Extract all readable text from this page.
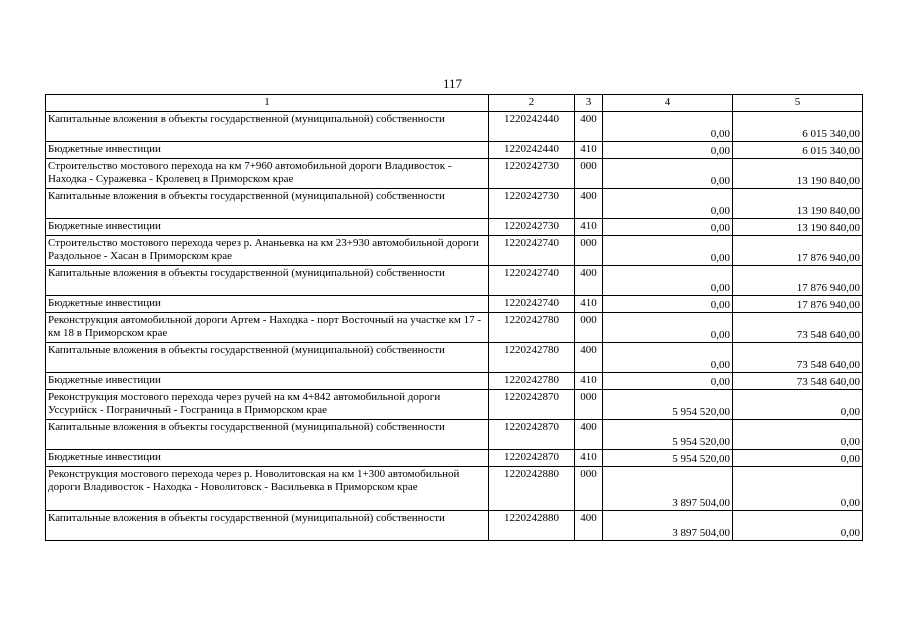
117
1	2	3	4	5
Капитальные вложения в объекты государственной (муниципальной) собственности	1220242440	400	0,00	6 015 340,00
Бюджетные инвестиции	1220242440	410	0,00	6 015 340,00
Строительство мостового перехода на км 7+960 автомобильной дороги Владивосток - Находка - Суражевка - Кролевец в Приморском крае	1220242730	000	0,00	13 190 840,00
Капитальные вложения в объекты государственной (муниципальной) собственности	1220242730	400	0,00	13 190 840,00
Бюджетные инвестиции	1220242730	410	0,00	13 190 840,00
Строительство мостового перехода через р. Ананьевка на км 23+930 автомобильной дороги Раздольное - Хасан в Приморском крае	1220242740	000	0,00	17 876 940,00
Капитальные вложения в объекты государственной (муниципальной) собственности	1220242740	400	0,00	17 876 940,00
Бюджетные инвестиции	1220242740	410	0,00	17 876 940,00
Реконструкция автомобильной дороги Артем - Находка - порт Восточный на участке км 17 - км 18 в Приморском крае	1220242780	000	0,00	73 548 640,00
Капитальные вложения в объекты государственной (муниципальной) собственности	1220242780	400	0,00	73 548 640,00
Бюджетные инвестиции	1220242780	410	0,00	73 548 640,00
Реконструкция мостового перехода через ручей на км 4+842 автомобильной дороги Уссурийск - Пограничный - Госграница в Приморском крае	1220242870	000	5 954 520,00	0,00
Капитальные вложения в объекты государственной (муниципальной) собственности	1220242870	400	5 954 520,00	0,00
Бюджетные инвестиции	1220242870	410	5 954 520,00	0,00
Реконструкция мостового перехода через р. Новолитовская на км 1+300 автомобильной дороги Владивосток - Находка - Новолитовск - Васильевка в Приморском крае	1220242880	000	3 897 504,00	0,00
Капитальные вложения в объекты государственной (муниципальной) собственности	1220242880	400	3 897 504,00	0,00
